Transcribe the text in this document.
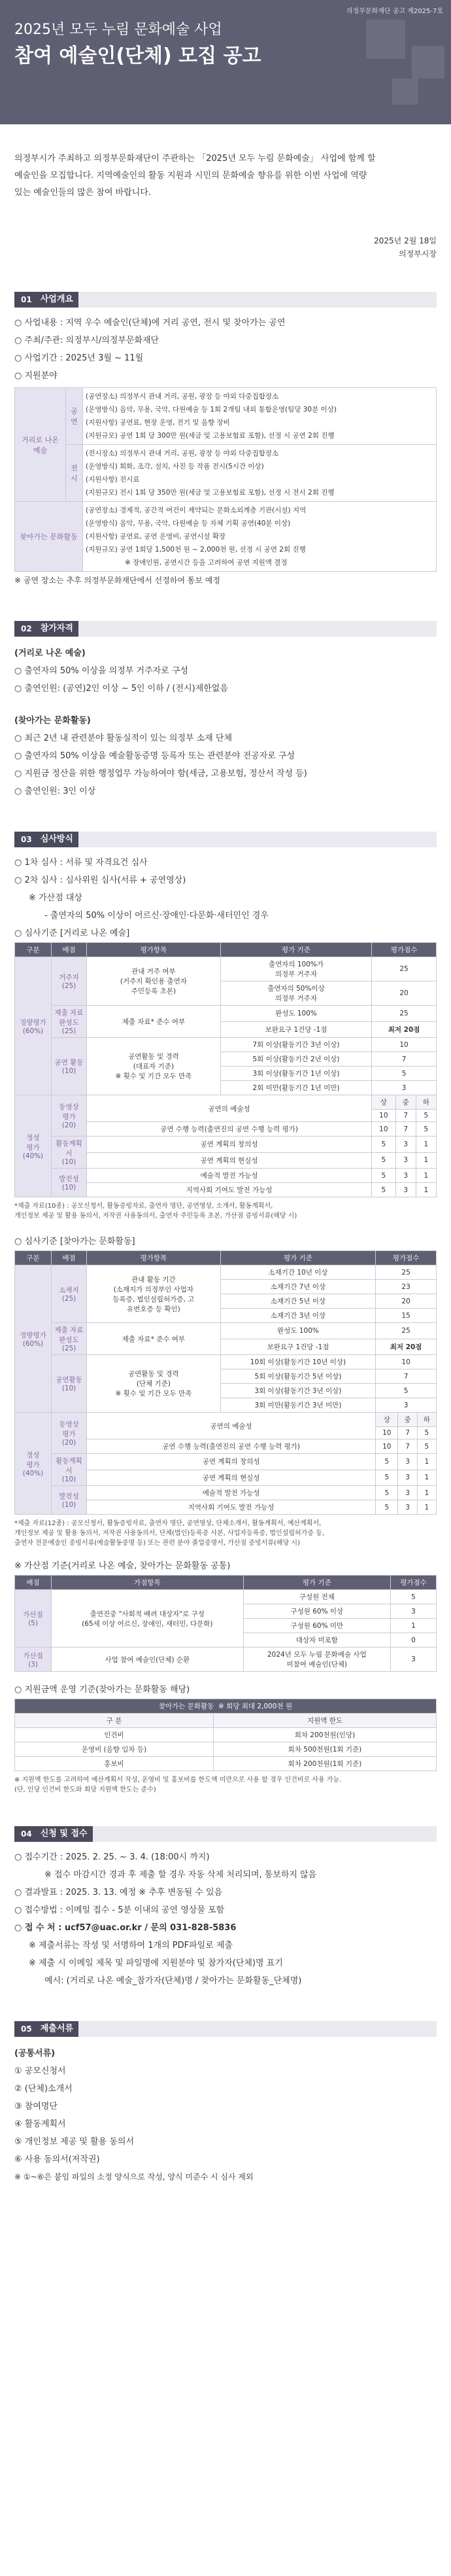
의정부문화재단 공고 제2025-7호
2025년 모두 누림 문화예술 사업
참여 예술인(단체) 모집 공고
의정부시가 주최하고 의정부문화재단이 주관하는 「2025년 모두 누림 문화예술」 사업에 함께 할
예술인을 모집합니다. 지역예술인의 활동 지원과 시민의 문화예술 향유를 위한 이번 사업에 역량
있는 예술인들의 많은 참여 바랍니다.
2025년 2월 18일
의정부시장
01	사업개요
○ 사업내용 : 지역 우수 예술인(단체)에 거리 공연, 전시 및 찾아가는 공연
○ 주최/주관: 의정부시/의정부문화재단
○ 사업기간 : 2025년 3월 ~ 11월
○ 지원분야
거리로 나온 예술	공연	(공연장소) 의정부시 관내 거리, 공원, 광장 등 야외 다중집합장소
(운영방식) 음악, 무용, 국악, 다원예술 등 1회 2개팀 내외 통합운영(팀당 30분 이상)
(지원사항) 공연료, 현장 운영, 전기 및 음향 장비
(지원규모) 공연 1회 당 300만 원(세금 및 고용보험료 포함), 선정 시 공연 2회 진행

	전시	(전시장소) 의정부시 관내 거리, 공원, 광장 등 야외 다중집합장소
(운영방식) 회화, 조각, 설치, 사진 등 작품 전시(5시간 이상)
(지원사항) 전시료
(지원규모) 전시 1회 당 350만 원(세금 및 고용보험료 포함), 선정 시 전시 2회 진행

찾아가는 문화활동		(공연장소) 경제적, 공간적 여건이 제약되는 문화소외계층 기관(시설) 지역
(운영방식) 음악, 무용, 국악, 다원예술 등 자체 기획 공연(40분 이상)
(지원사항) 공연료, 공연 운영비, 공연시설 확장
(지원규모) 공연 1회당 1,500천 원 ~ 2,000천 원, 선정 시 공연 2회 진행
※ 장애인원, 공연시간 등을 고려하여 공연 지원액 결정
※ 공연 장소는 추후 의정부문화재단에서 선정하여 통보 예정
02	참가자격
(거리로 나온 예술)
○ 출연자의 50% 이상을 의정부 거주자로 구성
○ 출연인원: (공연)2인 이상 ~ 5인 이하 / (전시)제한없음
(찾아가는 문화활동)
○ 최근 2년 내 관련분야 활동실적이 있는 의정부 소재 단체
○ 출연자의 50% 이상을 예술활동증명 등록자 또는 관련분야 전공자로 구성
○ 지원금 정산을 위한 행정업무 가능하여야 함(세금, 고용보험, 정산서 작성 등)
○ 출연인원: 3인 이상
03	심사방식
○ 1차 심사 : 서류 및 자격요건 심사
○ 2차 심사 : 심사위원 심사(서류 + 공연영상)
※ 가산점 대상
- 출연자의 50% 이상이 어르신·장애인·다문화·새터민인 경우
○ 심사기준 [거리로 나온 예술]
구분	배점	평가항목	평가 기준	평가점수		
정량평가
(60%)	거주지
(25)	관내 거주 여부
(거주지 확인용 출연자
주민등록 초본)	출연자의 100%가
의정부 거주자	25		
			출연자의 50%이상
의정부 거주자	20		
	제출 자료
완성도
(25)	제출 자료* 준수 여부	완성도 100%	25		
			보완요구 1건당 -1점	최저 20점		
	공연 활동
(10)	공연활동 및 경력
(대표자 기준)
※ 횟수 및 기간 모두 만족	7회 이상(활동기간 3년 이상)	10		
			5회 이상(활동기간 2년 이상)	7		
			3회 이상(활동기간 1년 이상)	5		
			2회 미만(활동기간 1년 미만)	3		
정성
평가
(40%)	동영상
평가
(20)	공연의 예술성		상	중	하
				10	7	5
		공연 수행 능력(출연진의 공연 수행 능력 평가)		10	7	5
	활동계획서
(10)	공연 계획의 창의성		5	3	1
		공연 계획의 현실성		5	3	1
	발전성
(10)	예술적 발전 가능성		5	3	1
		지역사회 기여도 발전 가능성		5	3	1
*제출 자료(10종) : 공모신청서, 활동증빙자료, 출연자 명단, 공연영상, 소개서, 활동계획서,
개인정보 제공 및 활용 동의서, 저작권 사용동의서, 출연자 주민등록 초본, 가산점 증빙서류(해당 시)
○ 심사기준 [찾아가는 문화활동]
구분	배점	평가항목	평가 기준	평가점수		
정량평가
(60%)	소재지
(25)	관내 활동 기간
(소재지가 의정부인 사업자
등록증, 법인설립허가증, 고
유번호증 등 확인)	소재기간 10년 이상	25		
			소재기간 7년 이상	23		
			소재기간 5년 이상	20		
			소재기간 3년 이상	15		
	제출 자료
완성도
(25)	제출 자료* 준수 여부	완성도 100%	25		
			보완요구 1건당 -1점	최저 20점		
	공연활동
(10)	공연활동 및 경력
(단체 기준)
※ 횟수 및 기간 모두 만족	10회 이상(활동기간 10년 이상)	10		
			5회 이상(활동기간 5년 이상)	7		
			3회 이상(활동기간 3년 이상)	5		
			3회 미만(활동기간 3년 미만)	3		
정성
평가
(40%)	동영상
평가
(20)	공연의 예술성		상	중	하
				10	7	5
		공연 수행 능력(출연진의 공연 수행 능력 평가)		10	7	5
	활동계획서
(10)	공연 계획의 창의성		5	3	1
		공연 계획의 현실성		5	3	1
	발전성
(10)	예술적 발전 가능성		5	3	1
		지역사회 기여도 발전 가능성		5	3	1
*제출 자료(12종) : 공모신청서, 활동증빙자료, 출연자 명단, 공연영상, 단체소개서, 활동계획서, 예산계획서,
개인정보 제공 및 활용 동의서, 저작권 사용동의서, 단체(법인)등록증 사본, 사업자등록증, 법인설립허가증 등,
출연자 전문예술인 증빙서류(예술활동증명 등) 또는 관련 분야 졸업증명서, 가산점 증빙서류(해당 시)
※ 가산점 기준(거리로 나온 예술, 찾아가는 문화활동 공통)
배점	가점항목	평가 기준	평가점수
가산점
(5)	출연진중 "사회적 배려 대상자"로 구성
(65세 이상 어르신, 장애인, 새터민, 다문화)	구성원 전체	5
		구성원 60% 이상	3
		구성원 60% 미만	1
		대상자 미포함	0
가산점
(3)	사업 참여 예술인(단체) 순환	2024년 모두 누림 문화예술 사업
미참여 예술인(단체)	3
○ 지원금액 운영 기준(찾아가는 문화활동 해당)
찾아가는 문화활동 ※ 회당 최대 2,000천 원	
구 분	지원액 한도
인건비	회차 200천원(인당)
운영비 (음향 임차 등)	회차 500천원(1회 기준)
홍보비	회차 200천원(1회 기준)
※ 지원액 한도를 고려하여 예산계획서 작성, 운영비 및 홍보비를 한도액 미만으로 사용 할 경우 인건비로 사용 가능.
(단, 인당 인건비 한도와 회당 지원액 한도는 준수)
04	신청 및 접수
○ 접수기간 : 2025. 2. 25. ~ 3. 4. (18:00시 까지)
※ 접수 마감시간 경과 후 제출 할 경우 자동 삭제 처리되며, 통보하지 않음
○ 결과발표 : 2025. 3. 13. 예정 ※ 추후 변동될 수 있음
○ 접수방법 : 이메일 접수 - 5분 이내의 공연 영상물 포함
○ 접 수 처 : ucf57@uac.or.kr / 문의 031-828-5836
※ 제출서류는 작성 및 서명하여 1개의 PDF파일로 제출
※ 제출 시 이메일 제목 및 파일명에 지원분야 및 참가자(단체)명 표기
예시: (거리로 나온 예술_참가자(단체)명 / 찾아가는 문화활동_단체명)
05	제출서류
(공통서류)
① 공모신청서
② (단체)소개서
③ 참여명단
④ 활동계획서
⑤ 개인정보 제공 및 활용 동의서
⑥ 사용 동의서(저작권)
※ ①~⑥은 붙임 파일의 소정 양식으로 작성, 양식 미준수 시 심사 제외
